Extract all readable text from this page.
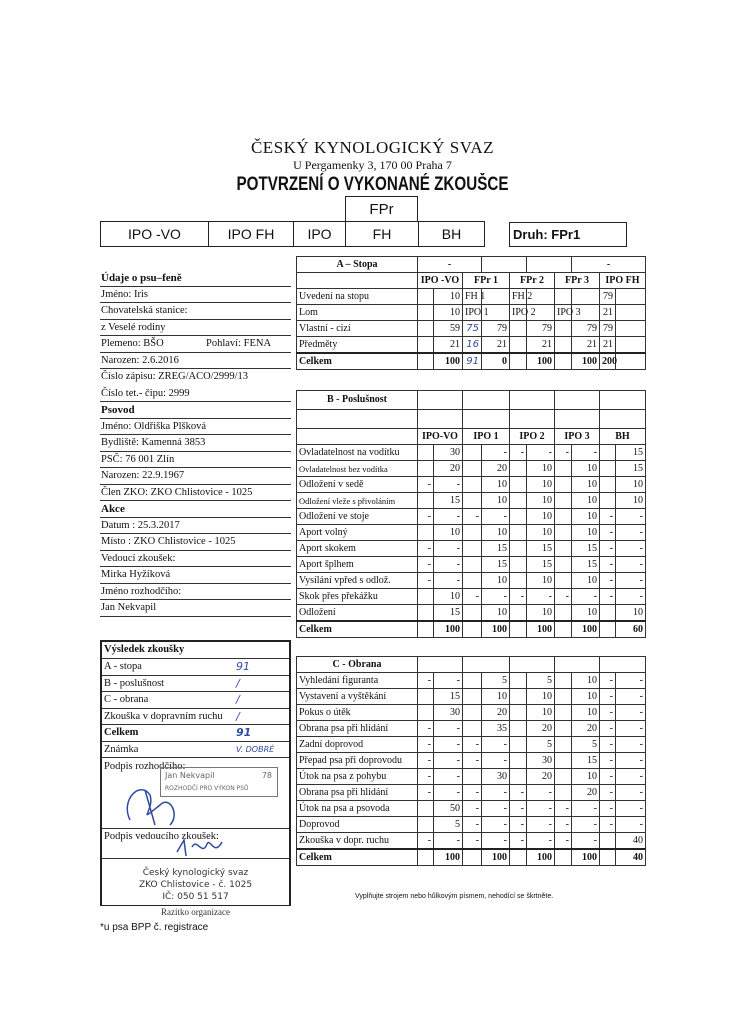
ČESKÝ KYNOLOGICKÝ SVAZ
U Pergamenky 3, 170 00 Praha 7
POTVRZENÍ O VYKONANÉ ZKOUŠCE
FPr
IPO -VO	IPO FH	IPO	FH	BH	Druh: FPr1
Údaje o psu–feně
Jméno: Iris
Chovatelská stanice:
z Veselé rodiny
Plemeno: BŠO	Pohlaví: FENA
Narozen: 2.6.2016
Číslo zápisu: ZREG/ACO/2999/13
Číslo tet.- čipu: 2999
Psovod
Jméno: Oldřiška Plšková
Bydliště: Kamenná 3853
PSČ: 76 001 Zlín
Narozen: 22.9.1967
Člen ZKO: ZKO Chlistovice - 1025
Akce
Datum : 25.3.2017
Místo : ZKO Chlistovice - 1025
Vedoucí zkoušek:
Mirka Hyžíková
Jméno rozhodčího:
Jan Nekvapil
Výsledek zkoušky
A - stopa	91
B - poslušnost	/
C - obrana	/
Zkouška v dopravním ruchu /
Celkem	91
Známka	V. DOBRÉ
Podpis rozhodčího:
Podpis vedoucího zkoušek:
Český kynologický svaz
ZKO Chlistovice - č. 1025
IČ: 050 51 517
Razítko organizace
Jan Nekvapil	78

ROZHODČÍ PRO VÝKON PSŮ
A – Stopa	-							-		
	IPO -VO		FPr 1		FPr 2		FPr 3		IPO FH	
Uvedení na stopu		10	FH 1		FH 2				79	
Lom		10	IPO 1		IPO 2		IPO 3		21	
Vlastní - cizí		59	75	79		79		79	79	
Předměty		21	16	21		21		21	21	
Celkem		100	91	0		100		100	200	
B - Poslušnost										

	IPO-VO		IPO 1		IPO 2		IPO 3		BH	
Ovladatelnost na vodítku		30		-	-	-	-	-		15
Ovladatelnost bez vodítka		20		20		10		10		15
Odložení v sedě	-	-		10		10		10		10
Odložení vleže s přivoláním		15		10		10		10		10
Odložení ve stoje	-	-	-	-		10		10	-	-
Aport volný		10		10		10		10	-	-
Aport skokem	-	-		15		15		15	-	-
Aport šplhem	-	-		15		15		15	-	-
Vysílání vpřed s odlož.	-	-		10		10		10	-	-
Skok přes překážku		10	-	-	-	-	-	-	-	-
Odložení		15		10		10		10		10
Celkem		100		100		100		100		60
C - Obrana										
Vyhledání figuranta	-	-		5		5		10	-	-
Vystavení a vyštěkání		15		10		10		10	-	-
Pokus o útěk		30		20		10		10	-	-
Obrana psa při hlídání	-	-		35		20		20	-	-
Zadní doprovod	-	-	-	-		5		5	-	-
Přepad psa při doprovodu	-	-	-	-		30		15	-	-
Útok na psa z pohybu	-	-		30		20		10	-	-
Obrana psa při hlídání	-	-	-	-	-	-		20	-	-
Útok na psa a psovoda		50	-	-	-	-	-	-	-	-
Doprovod		5	-	-	-	-	-	-	-	-
Zkouška v dopr. ruchu	-	-	-	-	-	-	-	-		40
Celkem		100		100		100		100		40
Vyplňujte strojem nebo hůlkovým písmem, nehodící se škrtněte.
*u psa BPP č. registrace
